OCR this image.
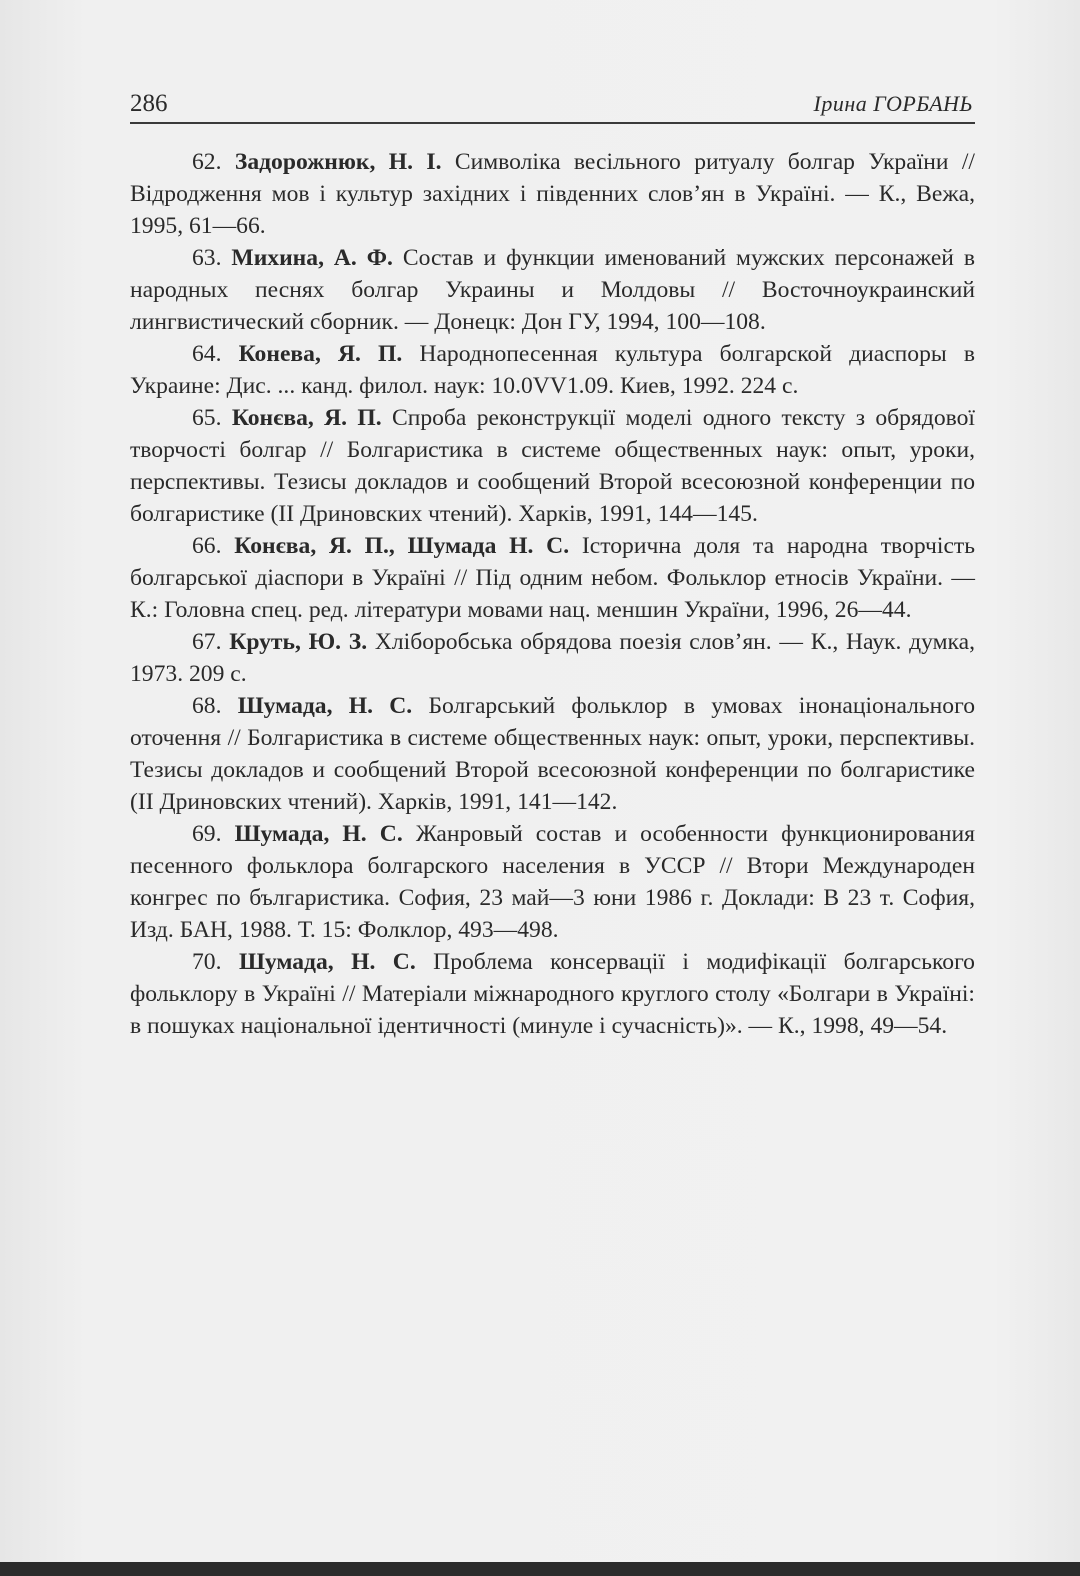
286	Ірина ГОРБАНЬ

62. Задорожнюк, Н. І. Символіка весільного ритуалу болгар України // Відродження мов і культур західних і південних слов’ян в Україні. — К., Вежа, 1995, 61—66.

63. Михина, А. Ф. Состав и функции именований мужских персонажей в народных песнях болгар Украины и Молдовы // Восточноукраинский лингвистический сборник. — Донецк: Дон ГУ, 1994, 100—108.

64. Конева, Я. П. Народнопесенная культура болгарской диаспоры в Украине: Дис. ... канд. филол. наук: 10.0VV1.09. Киев, 1992. 224 с.

65. Конєва, Я. П. Спроба реконструкції моделі одного тексту з обрядової творчості болгар // Болгаристика в системе общественных наук: опыт, уроки, перспективы. Тезисы докладов и сообщений Второй всесоюзной конференции по болгаристике (II Дриновских чтений). Харків, 1991, 144—145.

66. Конєва, Я. П., Шумада Н. С. Історична доля та народна творчість болгарської діаспори в Україні // Під одним небом. Фольклор етносів України. — К.: Головна спец. ред. літератури мовами нац. меншин України, 1996, 26—44.

67. Круть, Ю. З. Хліборобська обрядова поезія слов’ян. — К., Наук. думка, 1973. 209 с.

68. Шумада, Н. С. Болгарський фольклор в умовах інонаціонального оточення // Болгаристика в системе общественных наук: опыт, уроки, перспективы. Тезисы докладов и сообщений Второй всесоюзной конференции по болгаристике (II Дриновских чтений). Харків, 1991, 141—142.

69. Шумада, Н. С. Жанровый состав и особенности функционирования песенного фольклора болгарского населения в УССР // Втори Международен конгрес по българистика. София, 23 май—3 юни 1986 г. Доклади: В 23 т. София, Изд. БАН, 1988. Т. 15: Фолклор, 493—498.

70. Шумада, Н. С. Проблема консервації і модифікації болгарського фольклору в Україні // Матеріали міжнародного круглого столу «Болгари в Україні: в пошуках національної ідентичності (минуле і сучасність)». — К., 1998, 49—54.
